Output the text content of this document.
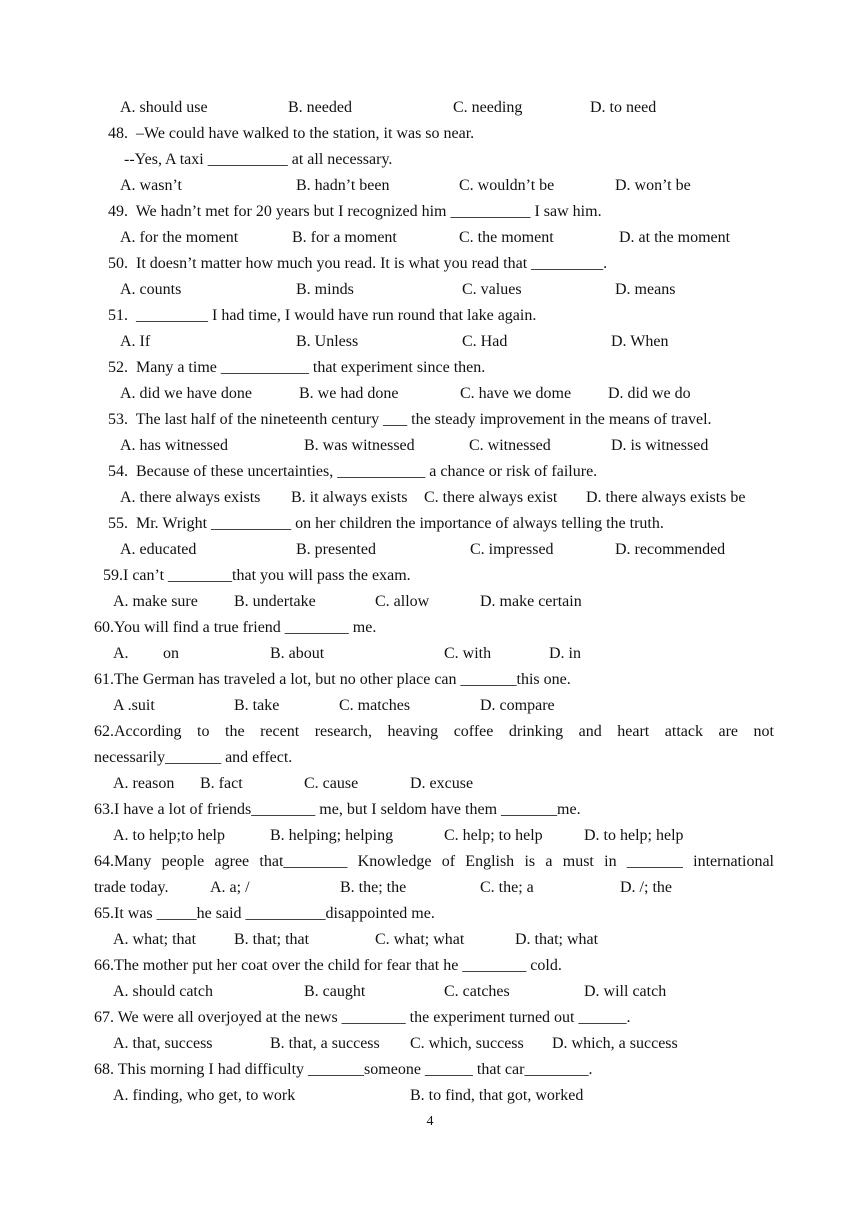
A. should use

	B. needed

	C. needing

	D. to need

48.  –We could have walked to the station, it was so near.

--Yes, A taxi __________ at all necessary.

A. wasn’t

	B. hadn’t been

	C. wouldn’t be

	D. won’t be

49.  We hadn’t met for 20 years but I recognized him __________ I saw him.

A. for the moment

	B. for a moment

	C. the moment

	D. at the moment

50.  It doesn’t matter how much you read. It is what you read that _________.

A. counts

	B. minds

	C. values

	D. means

51.  _________ I had time, I would have run round that lake again.

A. If

	B. Unless

	C. Had

	D. When

52.  Many a time ___________ that experiment since then.

A. did we have done

	B. we had done

	C. have we dome

D. did we do

53.  The last half of the nineteenth century ___ the steady improvement in the means of travel.

A. has witnessed

	B. was witnessed

	C. witnessed

	D. is witnessed

54.  Because of these uncertainties, ___________ a chance or risk of failure.

A. there always exists

B. it always exists

C. there always exist

D. there always exists be

55.  Mr. Wright __________ on her children the importance of always telling the truth.

A. educated

	B. presented

	C. impressed

	D. recommended

59.I can’t ________that you will pass the exam.

A. make sure

B. undertake

	C. allow

	D. make certain

60.You will find a true friend ________ me.

A.

on

	B. about

	C. with

	D. in

61.The German has traveled a lot, but no other place can _______this one.

A .suit

	B. take

	C. matches

	D. compare

62.According to the recent research, heaving coffee drinking and heart attack are not

necessarily_______ and effect.

A. reason

B. fact

	C. cause

	D. excuse

63.I have a lot of friends________ me, but I seldom have them _______me.

A. to help;to help

	B. helping; helping

	C. help; to help

	D. to help; help

64.Many people agree that________ Knowledge of English is a must in _______ international

trade today.

	A. a; /

	B. the; the

	C. the; a

	D. /; the

65.It was _____he said __________disappointed me.

A. what; that

B. that; that

	C. what; what

	D. that; what

66.The mother put her coat over the child for fear that he ________ cold.

A. should catch

	B. caught

	C. catches

	D. will catch

67. We were all overjoyed at the news ________ the experiment turned out ______.

A. that, success

	B. that, a success

C. which, success

D. which, a success

68. This morning I had difficulty _______someone ______ that car________.

A. finding, who get, to work

	B. to find, that got, worked

4
